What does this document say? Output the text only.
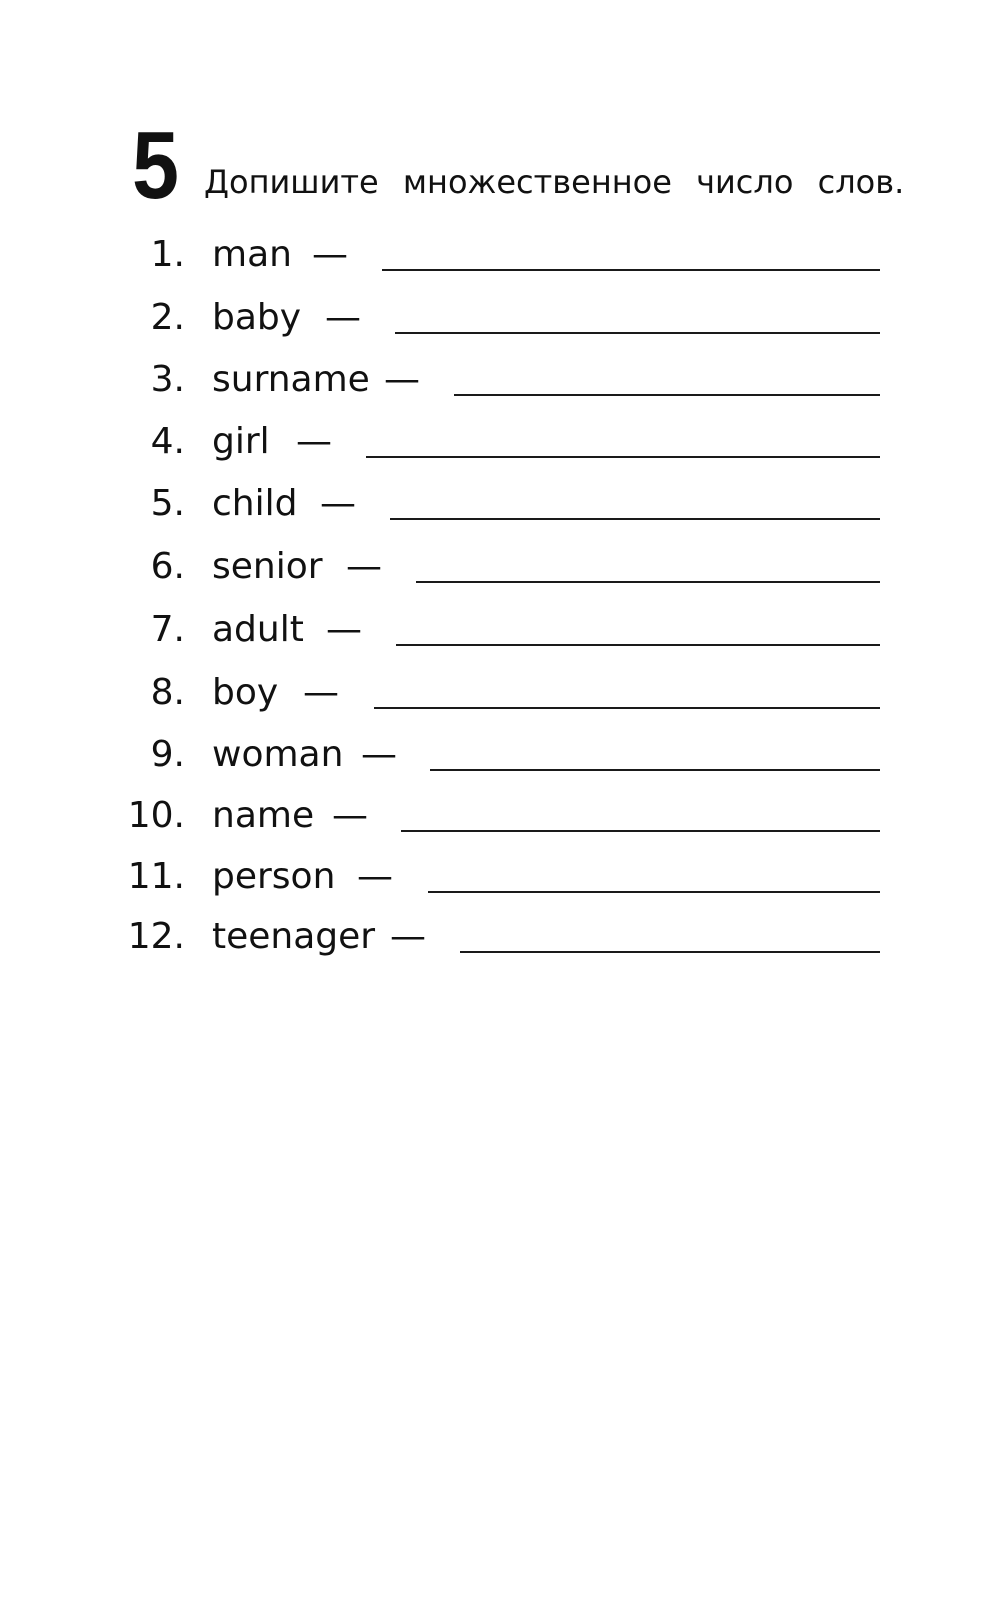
5 Допишите множественное число слов.
1. man —
2. baby —
3. surname —
4. girl —
5. child —
6. senior —
7. adult —
8. boy —
9. woman —
10. name —
11. person —
12. teenager —
